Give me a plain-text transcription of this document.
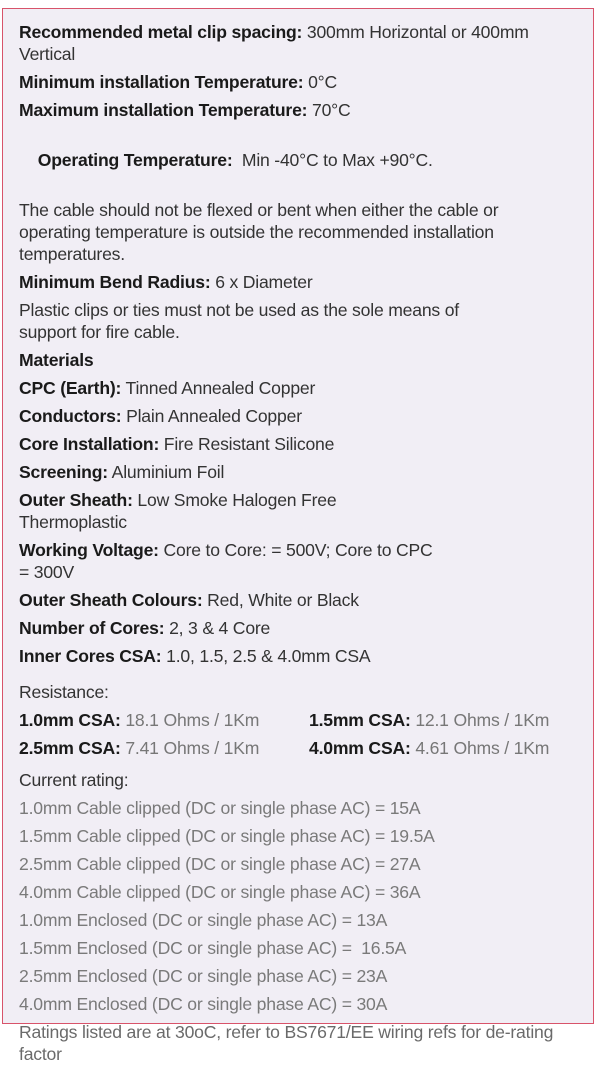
Recommended metal clip spacing: 300mm Horizontal or 400mm Vertical
Minimum installation Temperature: 0°C
Maximum installation Temperature: 70°C

Operating Temperature:  Min -40°C to Max +90°C.

The cable should not be flexed or bent when either the cable or operating temperature is outside the recommended installation temperatures.
Minimum Bend Radius: 6 x Diameter
Plastic clips or ties must not be used as the sole means of support for fire cable.
Materials
CPC (Earth): Tinned Annealed Copper
Conductors: Plain Annealed Copper
Core Installation: Fire Resistant Silicone
Screening: Aluminium Foil
Outer Sheath: Low Smoke Halogen Free Thermoplastic
Working Voltage: Core to Core: = 500V; Core to CPC = 300V
Outer Sheath Colours: Red, White or Black
Number of Cores: 2, 3 & 4 Core
Inner Cores CSA: 1.0, 1.5, 2.5 & 4.0mm CSA
Resistance:
1.0mm CSA: 18.1 Ohms / 1Km	1.5mm CSA: 12.1 Ohms / 1Km
2.5mm CSA: 7.41 Ohms / 1Km	4.0mm CSA: 4.61 Ohms / 1Km
Current rating:
1.0mm Cable clipped (DC or single phase AC) = 15A
1.5mm Cable clipped (DC or single phase AC) = 19.5A
2.5mm Cable clipped (DC or single phase AC) = 27A
4.0mm Cable clipped (DC or single phase AC) = 36A
1.0mm Enclosed (DC or single phase AC) = 13A
1.5mm Enclosed (DC or single phase AC) =  16.5A
2.5mm Enclosed (DC or single phase AC) = 23A
4.0mm Enclosed (DC or single phase AC) = 30A
Ratings listed are at 30oC, refer to BS7671/EE wiring refs for de-rating factor
